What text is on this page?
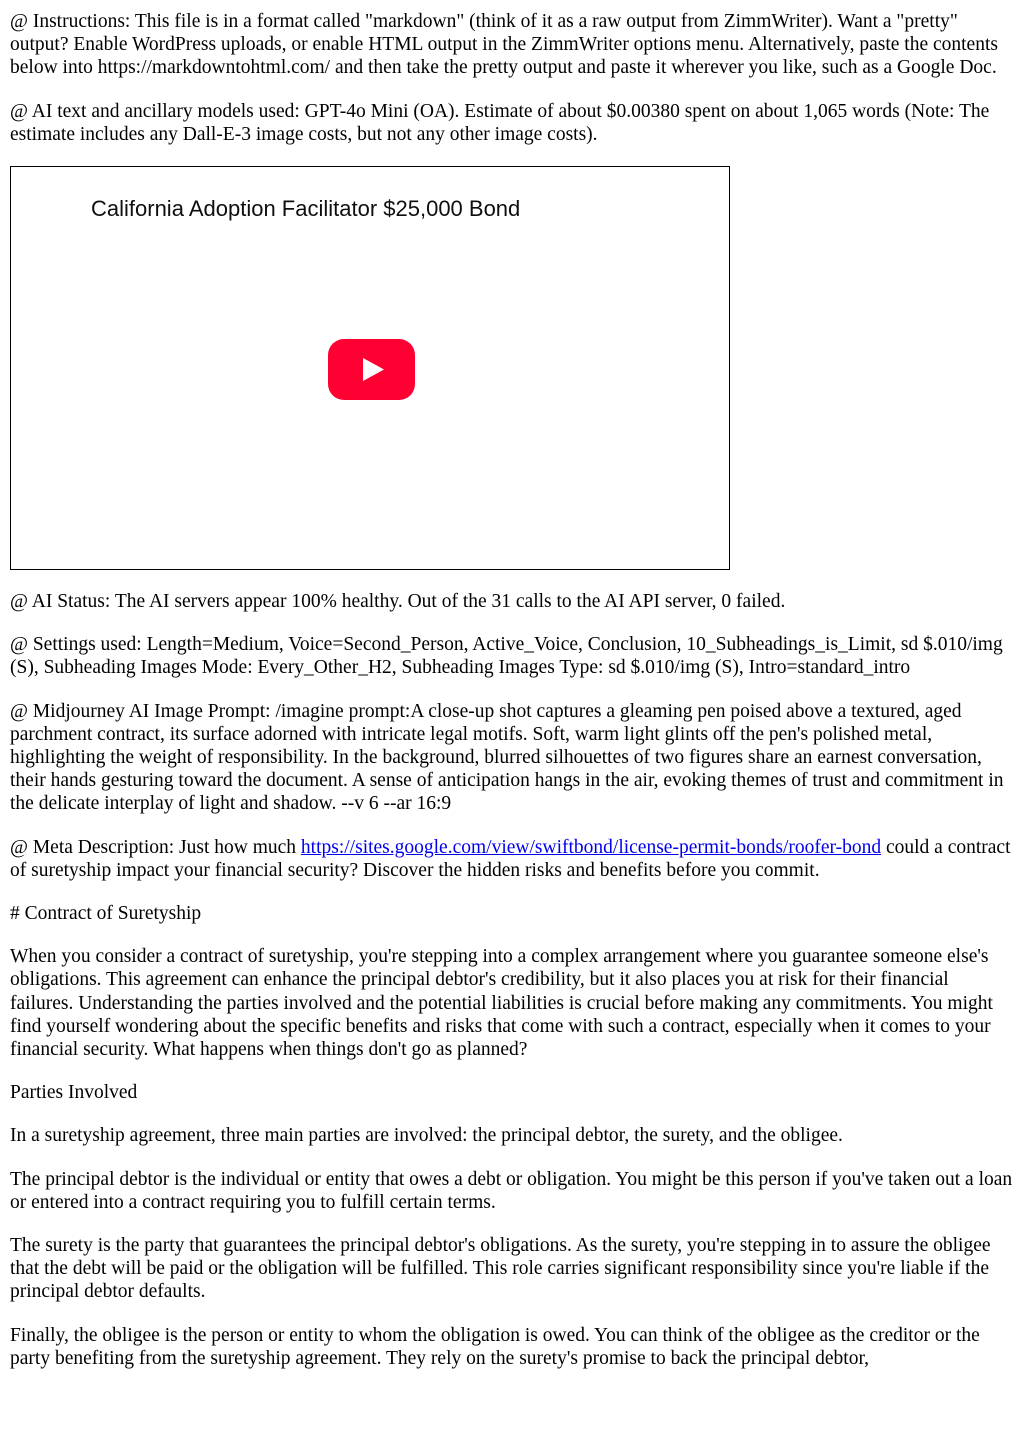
@ Instructions: This file is in a format called "markdown" (think of it as a raw output from ZimmWriter). Want a "pretty" output? Enable WordPress uploads, or enable HTML output in the ZimmWriter options menu. Alternatively, paste the contents below into https://markdowntohtml.com/ and then take the pretty output and paste it wherever you like, such as a Google Doc.

@ AI text and ancillary models used: GPT-4o Mini (OA). Estimate of about $0.00380 spent on about 1,065 words (Note: The estimate includes any Dall-E-3 image costs, but not any other image costs).

California Adoption Facilitator $25,000 Bond

@ AI Status: The AI servers appear 100% healthy. Out of the 31 calls to the AI API server, 0 failed.

@ Settings used: Length=Medium, Voice=Second_Person, Active_Voice, Conclusion, 10_Subheadings_is_Limit, sd $.010/img (S), Subheading Images Mode: Every_Other_H2, Subheading Images Type: sd $.010/img (S), Intro=standard_intro

@ Midjourney AI Image Prompt: /imagine prompt:A close-up shot captures a gleaming pen poised above a textured, aged parchment contract, its surface adorned with intricate legal motifs. Soft, warm light glints off the pen's polished metal, highlighting the weight of responsibility. In the background, blurred silhouettes of two figures share an earnest conversation, their hands gesturing toward the document. A sense of anticipation hangs in the air, evoking themes of trust and commitment in the delicate interplay of light and shadow. --v 6 --ar 16:9

@ Meta Description: Just how much https://sites.google.com/view/swiftbond/license-permit-bonds/roofer-bond could a contract of suretyship impact your financial security? Discover the hidden risks and benefits before you commit.

# Contract of Suretyship

When you consider a contract of suretyship, you're stepping into a complex arrangement where you guarantee someone else's obligations. This agreement can enhance the principal debtor's credibility, but it also places you at risk for their financial failures. Understanding the parties involved and the potential liabilities is crucial before making any commitments. You might find yourself wondering about the specific benefits and risks that come with such a contract, especially when it comes to your financial security. What happens when things don't go as planned?

Parties Involved

In a suretyship agreement, three main parties are involved: the principal debtor, the surety, and the obligee.

The principal debtor is the individual or entity that owes a debt or obligation. You might be this person if you've taken out a loan or entered into a contract requiring you to fulfill certain terms.

The surety is the party that guarantees the principal debtor's obligations. As the surety, you're stepping in to assure the obligee that the debt will be paid or the obligation will be fulfilled. This role carries significant responsibility since you're liable if the principal debtor defaults.

Finally, the obligee is the person or entity to whom the obligation is owed. You can think of the obligee as the creditor or the party benefiting from the suretyship agreement. They rely on the surety's promise to back the principal debtor,
